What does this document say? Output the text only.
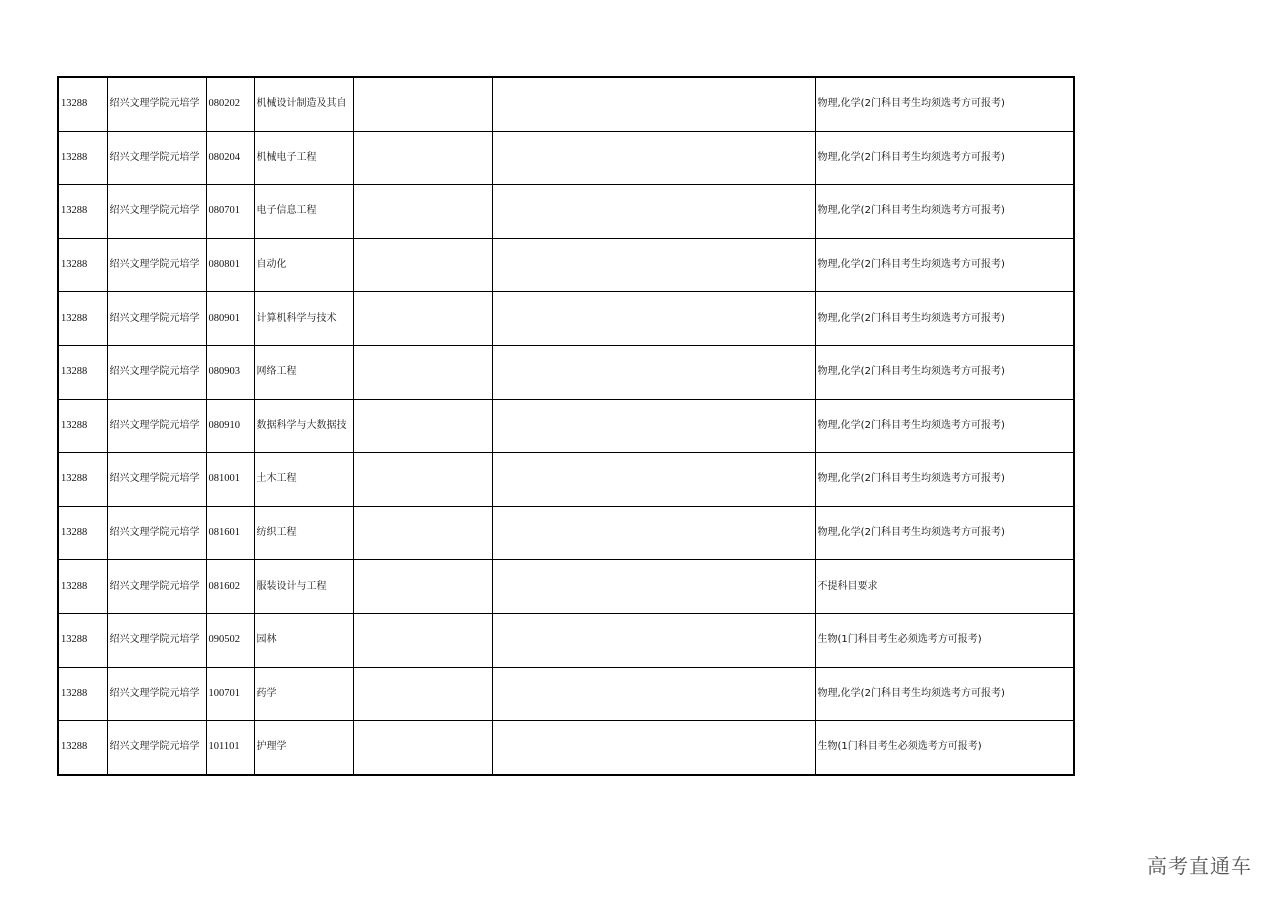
13288	绍兴文理学院元培学	080202	机械设计制造及其自			物理,化学(2门科目考生均须选考方可报考)
13288	绍兴文理学院元培学	080204	机械电子工程			物理,化学(2门科目考生均须选考方可报考)
13288	绍兴文理学院元培学	080701	电子信息工程			物理,化学(2门科目考生均须选考方可报考)
13288	绍兴文理学院元培学	080801	自动化			物理,化学(2门科目考生均须选考方可报考)
13288	绍兴文理学院元培学	080901	计算机科学与技术			物理,化学(2门科目考生均须选考方可报考)
13288	绍兴文理学院元培学	080903	网络工程			物理,化学(2门科目考生均须选考方可报考)
13288	绍兴文理学院元培学	080910	数据科学与大数据技			物理,化学(2门科目考生均须选考方可报考)
13288	绍兴文理学院元培学	081001	土木工程			物理,化学(2门科目考生均须选考方可报考)
13288	绍兴文理学院元培学	081601	纺织工程			物理,化学(2门科目考生均须选考方可报考)
13288	绍兴文理学院元培学	081602	服装设计与工程			不提科目要求
13288	绍兴文理学院元培学	090502	园林			生物(1门科目考生必须选考方可报考)
13288	绍兴文理学院元培学	100701	药学			物理,化学(2门科目考生均须选考方可报考)
13288	绍兴文理学院元培学	101101	护理学			生物(1门科目考生必须选考方可报考)
高考直通车
